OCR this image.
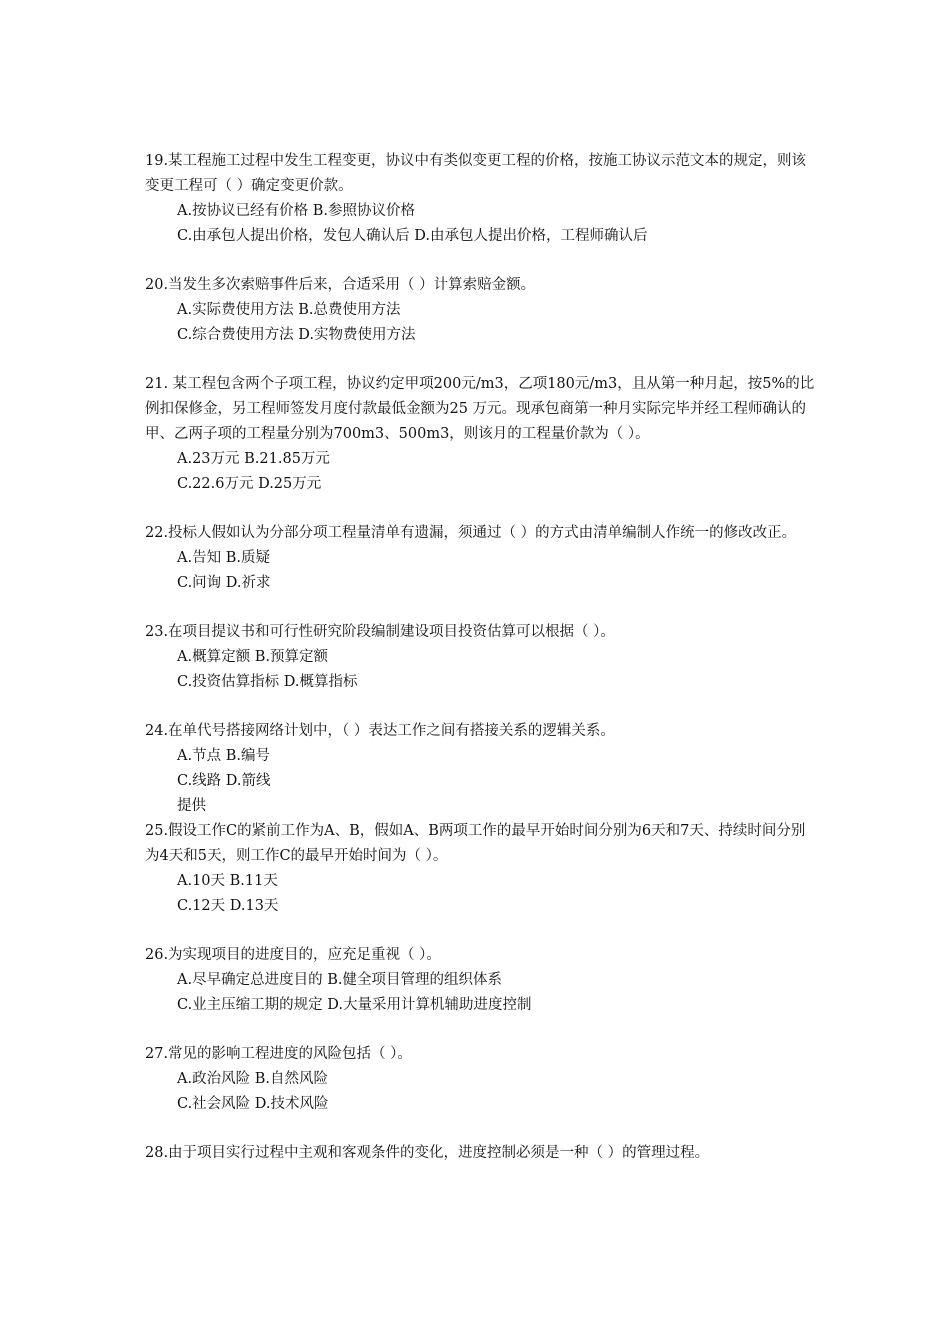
19.某工程施工过程中发生工程变更，协议中有类似变更工程的价格，按施工协议示范文本的规定，则该变更工程可（ ）确定变更价款。

A.按协议已经有价格 B.参照协议价格

C.由承包人提出价格，发包人确认后 D.由承包人提出价格，工程师确认后

20.当发生多次索赔事件后来，合适采用（ ）计算索赔金额。

A.实际费使用方法 B.总费使用方法

C.综合费使用方法 D.实物费使用方法

21. 某工程包含两个子项工程，协议约定甲项200元/m3，乙项180元/m3，且从第一种月起，按5%的比例扣保修金，另工程师签发月度付款最低金额为25 万元。现承包商第一种月实际完毕并经工程师确认的甲、乙两子项的工程量分别为700m3、500m3，则该月的工程量价款为（ ）。

A.23万元 B.21.85万元

C.22.6万元 D.25万元

22.投标人假如认为分部分项工程量清单有遗漏，须通过（ ）的方式由清单编制人作统一的修改改正。

A.告知 B.质疑

C.问询 D.祈求

23.在项目提议书和可行性研究阶段编制建设项目投资估算可以根据（ ）。

A.概算定额 B.预算定额

C.投资估算指标 D.概算指标

24.在单代号搭接网络计划中，（ ）表达工作之间有搭接关系的逻辑关系。

A.节点 B.编号

C.线路 D.箭线

提供

25.假设工作C的紧前工作为A、B，假如A、B两项工作的最早开始时间分别为6天和7天、持续时间分别为4天和5天，则工作C的最早开始时间为（ ）。

A.10天 B.11天

C.12天 D.13天

26.为实现项目的进度目的，应充足重视（ ）。

A.尽早确定总进度目的 B.健全项目管理的组织体系

C.业主压缩工期的规定 D.大量采用计算机辅助进度控制

27.常见的影响工程进度的风险包括（ ）。

A.政治风险 B.自然风险

C.社会风险 D.技术风险

28.由于项目实行过程中主观和客观条件的变化，进度控制必须是一种（ ）的管理过程。
